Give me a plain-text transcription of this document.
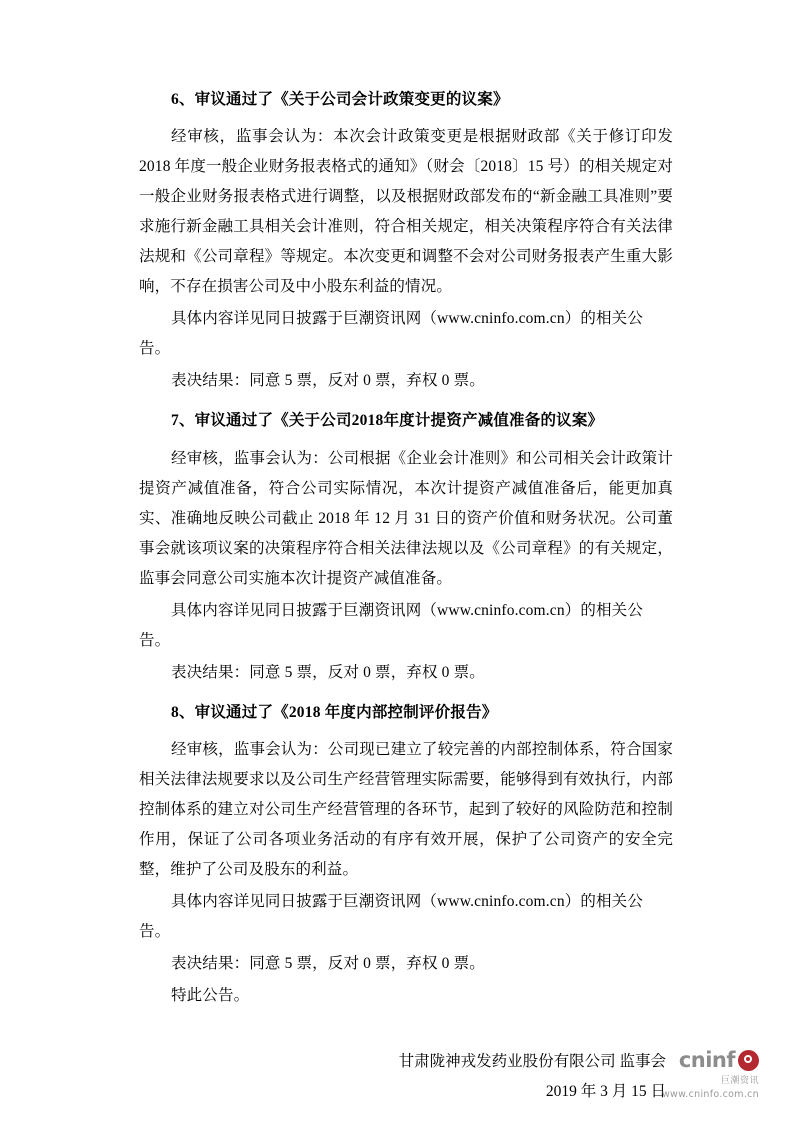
6、审议通过了《关于公司会计政策变更的议案》

经审核，监事会认为：本次会计政策变更是根据财政部《关于修订印发 2018 年度一般企业财务报表格式的通知》（财会〔2018〕15 号）的相关规定对一般企业财务报表格式进行调整，以及根据财政部发布的“新金融工具准则”要求施行新金融工具相关会计准则，符合相关规定，相关决策程序符合有关法律法规和《公司章程》等规定。本次变更和调整不会对公司财务报表产生重大影响，不存在损害公司及中小股东利益的情况。

具体内容详见同日披露于巨潮资讯网（www.cninfo.com.cn）的相关公告。

表决结果：同意 5 票，反对 0 票，弃权 0 票。

7、审议通过了《关于公司2018年度计提资产减值准备的议案》

经审核，监事会认为：公司根据《企业会计准则》和公司相关会计政策计提资产减值准备，符合公司实际情况，本次计提资产减值准备后，能更加真实、准确地反映公司截止 2018 年 12 月 31 日的资产价值和财务状况。公司董事会就该项议案的决策程序符合相关法律法规以及《公司章程》的有关规定，监事会同意公司实施本次计提资产减值准备。

具体内容详见同日披露于巨潮资讯网（www.cninfo.com.cn）的相关公告。

表决结果：同意 5 票，反对 0 票，弃权 0 票。

8、审议通过了《2018 年度内部控制评价报告》

经审核，监事会认为：公司现已建立了较完善的内部控制体系，符合国家相关法律法规要求以及公司生产经营管理实际需要，能够得到有效执行，内部控制体系的建立对公司生产经营管理的各环节，起到了较好的风险防范和控制作用，保证了公司各项业务活动的有序有效开展，保护了公司资产的安全完整，维护了公司及股东的利益。

具体内容详见同日披露于巨潮资讯网（www.cninfo.com.cn）的相关公告。

表决结果：同意 5 票，反对 0 票，弃权 0 票。

特此公告。

甘肃陇神戎发药业股份有限公司 监事会
2019 年 3 月 15 日
cninf
巨潮资讯
www.cninfo.com.cn
